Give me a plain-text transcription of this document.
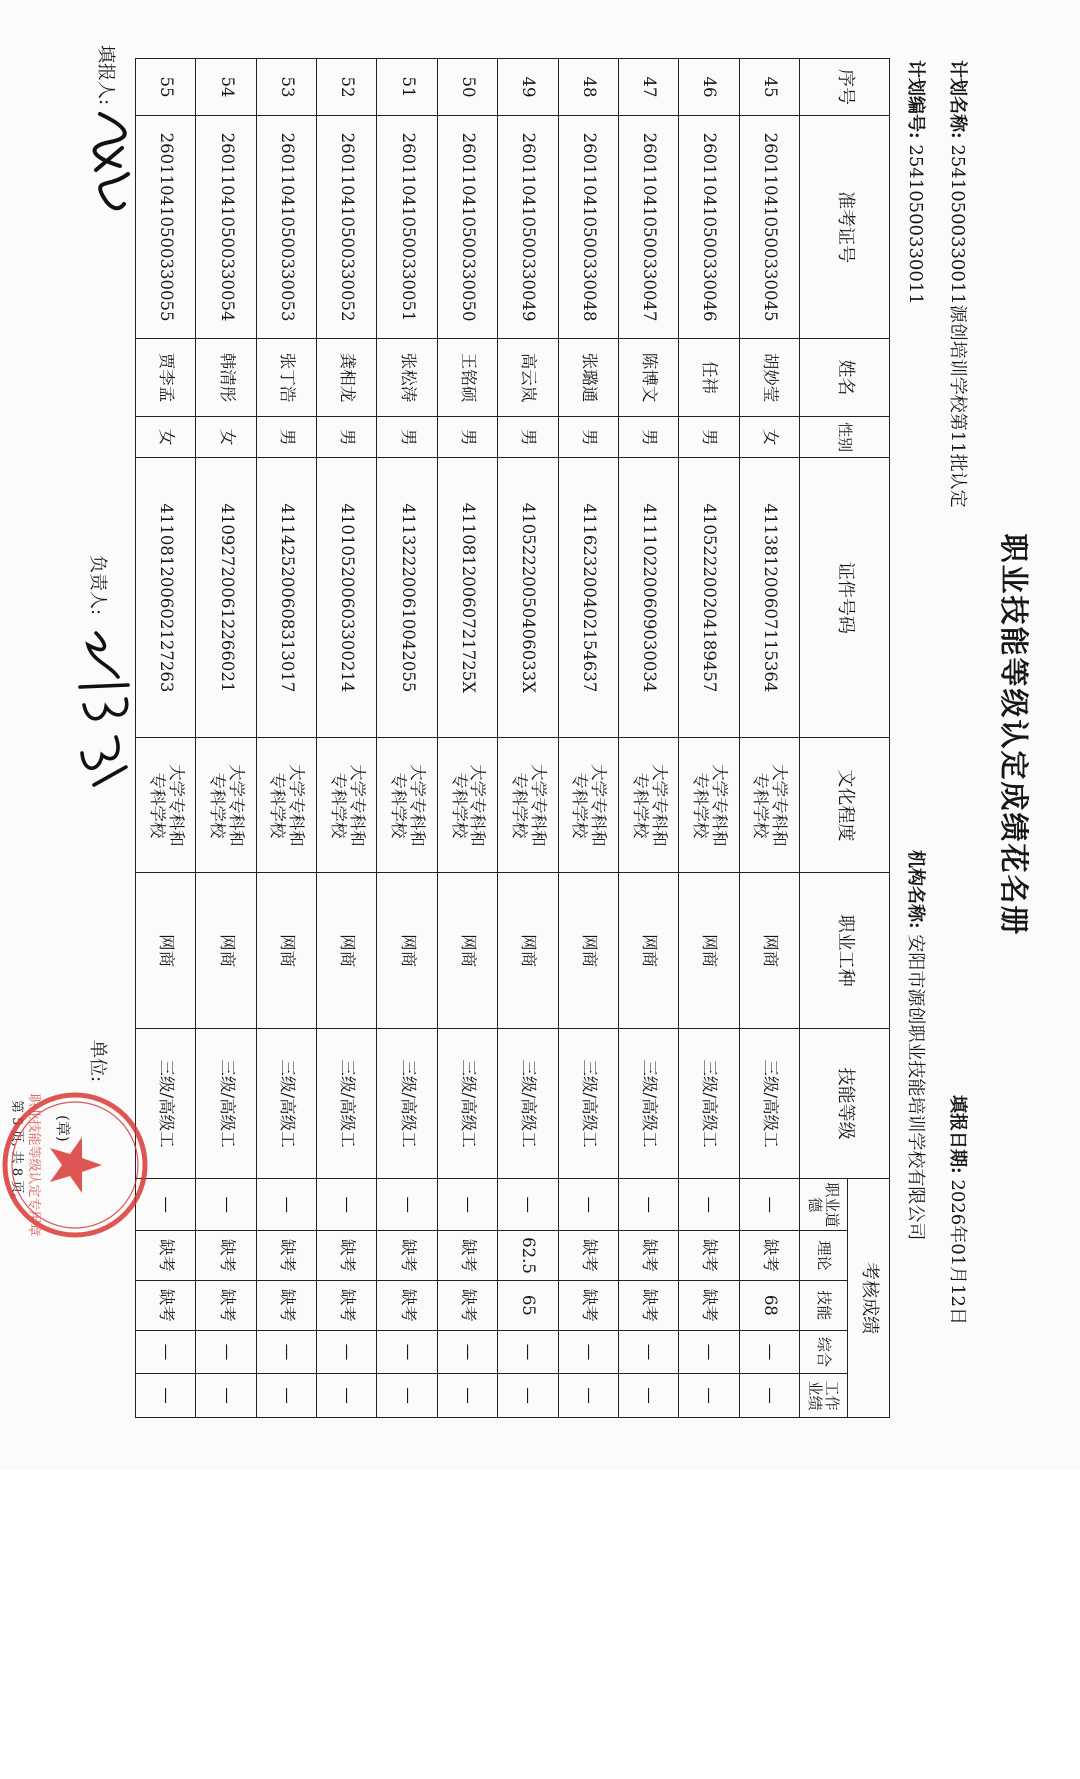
职业技能等级认定成绩花名册
计划名称: 25410500330011源创培训学校第11批认定
计划编号: 25410500330011
填报日期: 2026年01月12日
机构名称: 安阳市源创职业技能培训学校有限公司
序号	准考证号	姓名	性别	证件号码	文化程度	职业工种	技能等级	考核成绩				
								职业道德	理论	技能	综合	工作业绩
45	260110410500330045	胡妙莹	女	411381200607115364	大学专科和
专科学校	网商	三级/高级工	—	缺考	68	—	—
46	260110410500330046	任祎	男	410522200204189457	大学专科和
专科学校	网商	三级/高级工	—	缺考	缺考	—	—
47	260110410500330047	陈博文	男	411102200609030034	大学专科和
专科学校	网商	三级/高级工	—	缺考	缺考	—	—
48	260110410500330048	张璐通	男	411623200402154637	大学专科和
专科学校	网商	三级/高级工	—	缺考	缺考	—	—
49	260110410500330049	高云岚	男	41052220050406033X	大学专科和
专科学校	网商	三级/高级工	—	62.5	65	—	—
50	260110410500330050	王铭硕	男	41108120060721725X	大学专科和
专科学校	网商	三级/高级工	—	缺考	缺考	—	—
51	260110410500330051	张松涛	男	411322200610042055	大学专科和
专科学校	网商	三级/高级工	—	缺考	缺考	—	—
52	260110410500330052	龚相龙	男	410105200603300214	大学专科和
专科学校	网商	三级/高级工	—	缺考	缺考	—	—
53	260110410500330053	张丁浩	男	411425200608313017	大学专科和
专科学校	网商	三级/高级工	—	缺考	缺考	—	—
54	260110410500330054	韩清彤	女	410927200612266021	大学专科和
专科学校	网商	三级/高级工	—	缺考	缺考	—	—
55	260110410500330055	贾李孟	女	411081200602127263	大学专科和
专科学校	网商	三级/高级工	—	缺考	缺考	—	—
填报人:
负责人:
单位:
(章)
第 5 页, 共 8 页。 职业技能等级认定专用章
